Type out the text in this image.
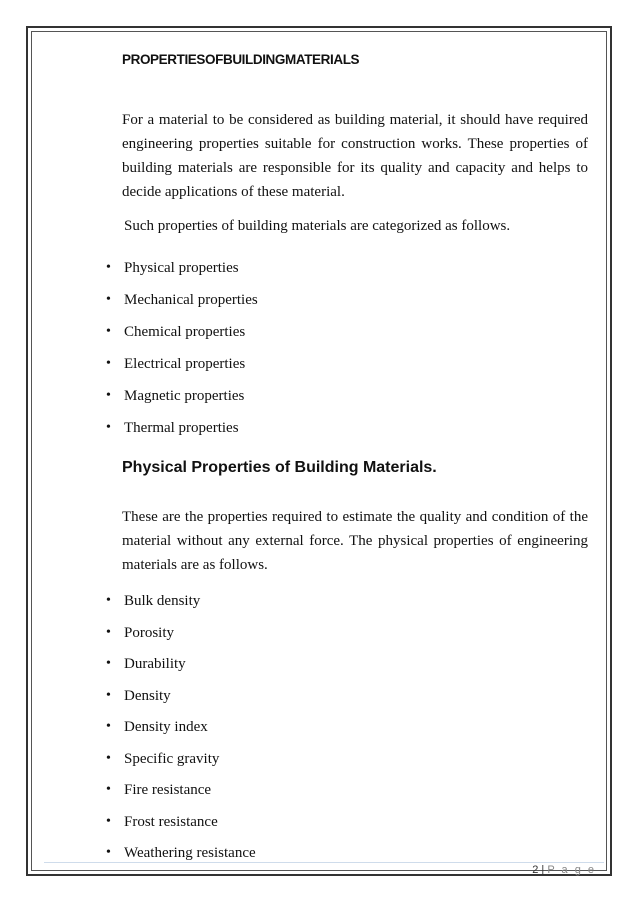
PROPERTIESOFBUILDINGMATERIALS
For a material to be considered as building material, it should have required engineering properties suitable for construction works. These properties of building materials are responsible for its quality and capacity and helps to decide applications of these material.
Such properties of building materials are categorized as follows.
• Physical properties
• Mechanical properties
• Chemical properties
• Electrical properties
• Magnetic properties
• Thermal properties
Physical Properties of Building Materials.
These are the properties required to estimate the quality and condition of the material without any external force. The physical properties of engineering materials are as follows.
• Bulk density
• Porosity
• Durability
• Density
• Density index
• Specific gravity
• Fire resistance
• Frost resistance
• Weathering resistance
2 | P a g e
